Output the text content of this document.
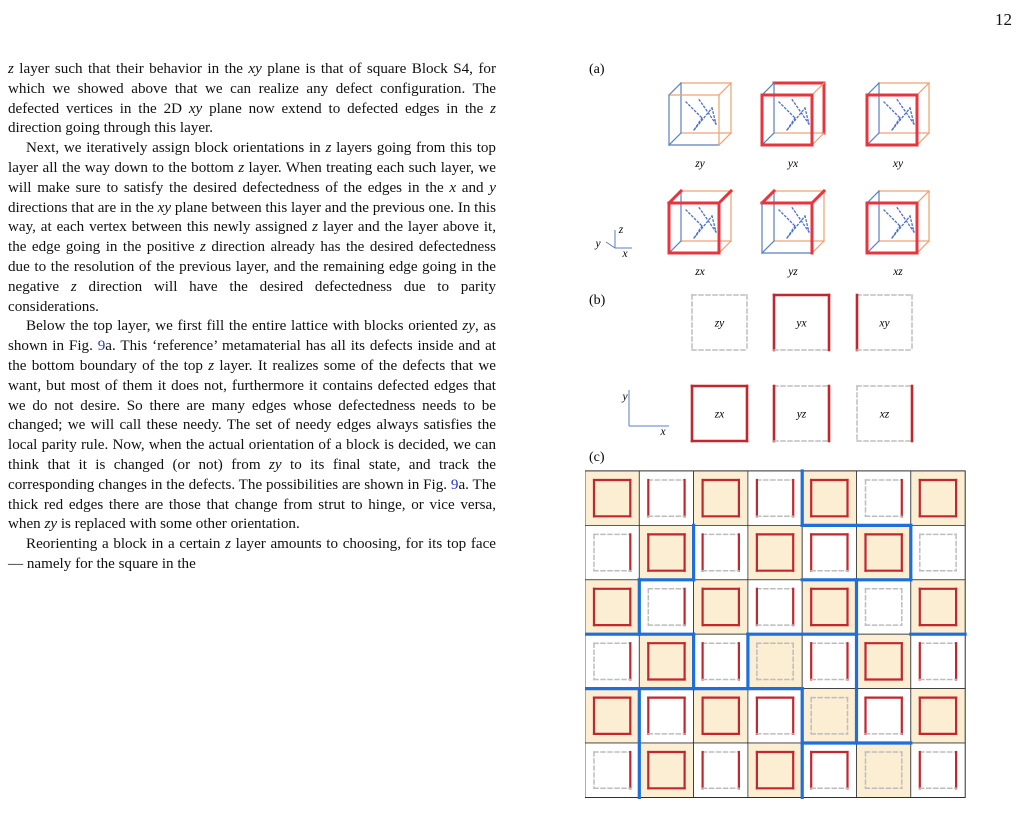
12

z layer such that their behavior in the xy plane is that of square Block S4, for which we showed above that we can realize any defect configuration. The defected vertices in the 2D xy plane now extend to defected edges in the z direction going through this layer.

Next, we iteratively assign block orientations in z layers going from this top layer all the way down to the bottom z layer. When treating each such layer, we will make sure to satisfy the desired defectedness of the edges in the x and y directions that are in the xy plane between this layer and the previous one. In this way, at each vertex between this newly assigned z layer and the layer above it, the edge going in the positive z direction already has the desired defectedness due to the resolution of the previous layer, and the remaining edge going in the negative z direction will have the desired defectedness due to parity considerations.

Below the top layer, we first fill the entire lattice with blocks oriented zy, as shown in Fig. 9a. This ‘reference’ metamaterial has all its defects inside and at the bottom boundary of the top z layer. It realizes some of the defects that we want, but most of them it does not, furthermore it contains defected edges that we do not desire. So there are many edges whose defectedness needs to be changed; we will call these needy. The set of needy edges always satisfies the local parity rule. Now, when the actual orientation of a block is decided, we can think that it is changed (or not) from zy to its final state, and track the corresponding changes in the defects. The possibilities are shown in Fig. 9a. The thick red edges there are those that change from strut to hinge, or vice versa, when zy is replaced with some other orientation.

Reorienting a block in a certain z layer amounts to choosing, for its top face — namely for the square in the

(a)
zy	yx	xy
zx	yz	xz
z
y
x
(b)
zy	yx	xy
zx	yz	xz
y
x
(c)
